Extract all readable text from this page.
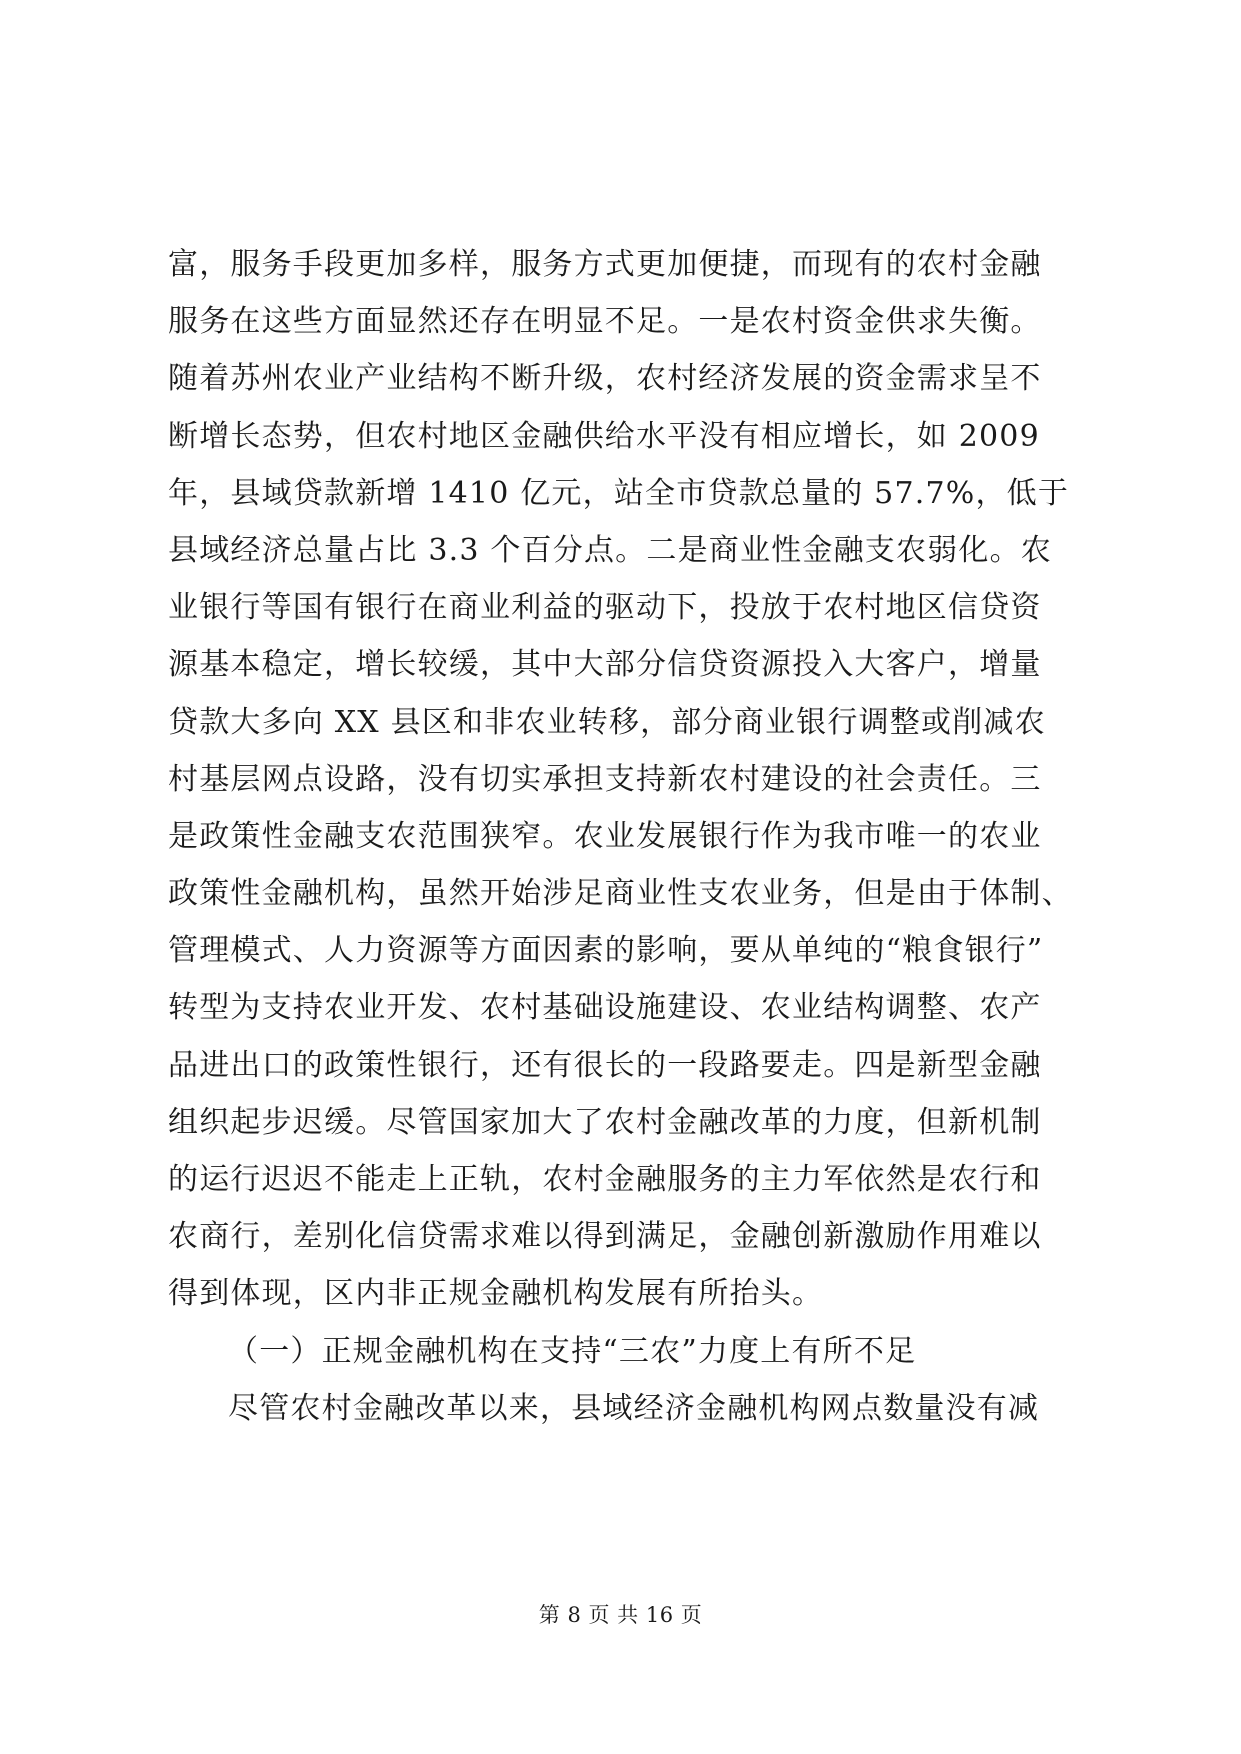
富，服务手段更加多样，服务方式更加便捷，而现有的农村金融
服务在这些方面显然还存在明显不足。一是农村资金供求失衡。
随着苏州农业产业结构不断升级，农村经济发展的资金需求呈不
断增长态势，但农村地区金融供给水平没有相应增长，如 2009
年，县域贷款新增 1410 亿元，站全市贷款总量的 57.7%，低于
县域经济总量占比 3.3 个百分点。二是商业性金融支农弱化。农
业银行等国有银行在商业利益的驱动下，投放于农村地区信贷资
源基本稳定，增长较缓，其中大部分信贷资源投入大客户，增量
贷款大多向 XX 县区和非农业转移，部分商业银行调整或削减农
村基层网点设路，没有切实承担支持新农村建设的社会责任。三
是政策性金融支农范围狭窄。农业发展银行作为我市唯一的农业
政策性金融机构，虽然开始涉足商业性支农业务，但是由于体制、
管理模式、人力资源等方面因素的影响，要从单纯的“粮食银行”
转型为支持农业开发、农村基础设施建设、农业结构调整、农产
品进出口的政策性银行，还有很长的一段路要走。四是新型金融
组织起步迟缓。尽管国家加大了农村金融改革的力度，但新机制
的运行迟迟不能走上正轨，农村金融服务的主力军依然是农行和
农商行，差别化信贷需求难以得到满足，金融创新激励作用难以
得到体现，区内非正规金融机构发展有所抬头。
（一）正规金融机构在支持“三农”力度上有所不足
尽管农村金融改革以来，县域经济金融机构网点数量没有减
第 8 页 共 16 页
